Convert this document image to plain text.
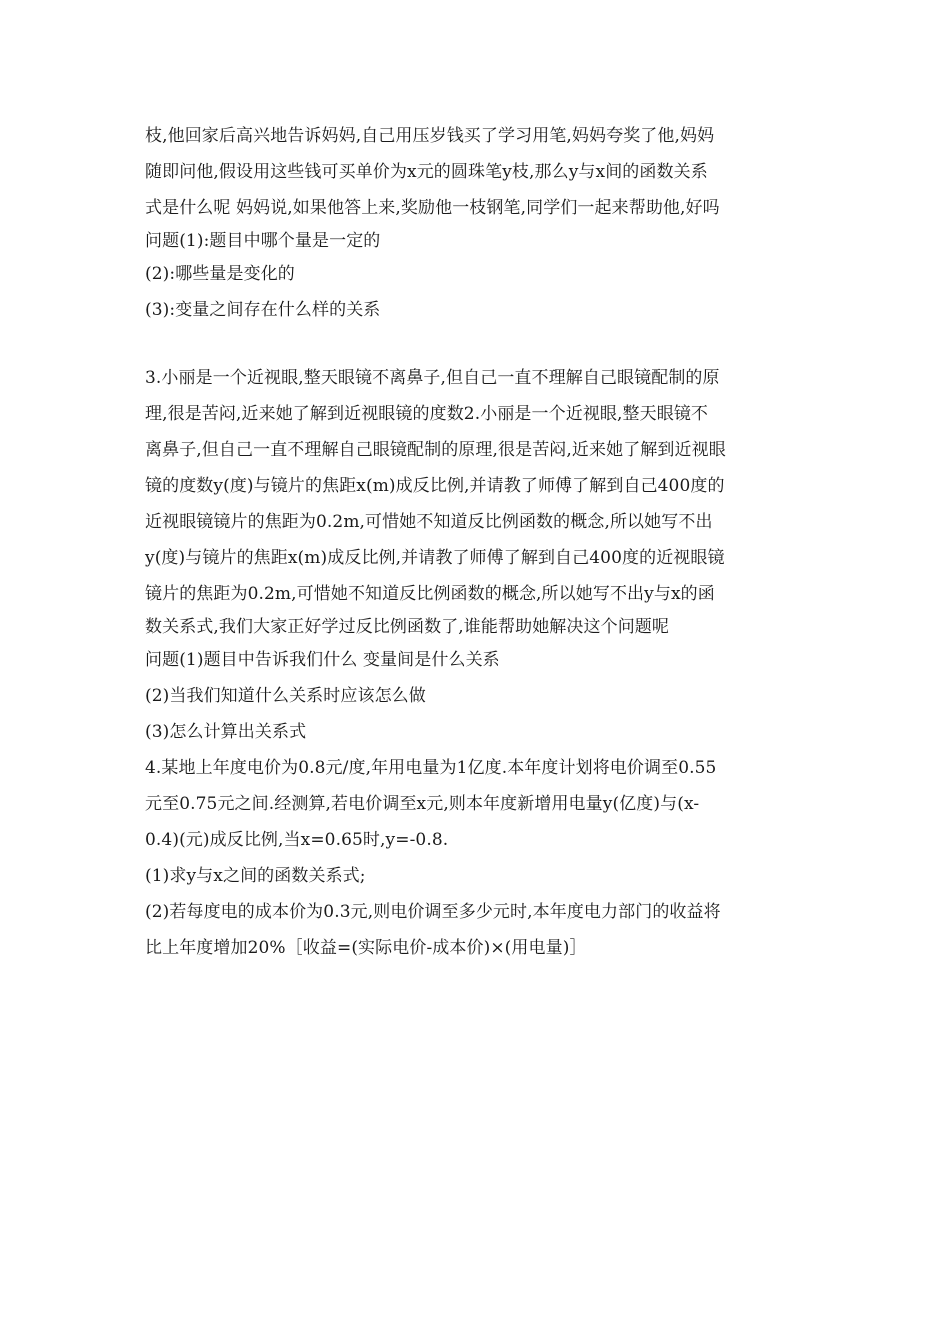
枝,他回家后高兴地告诉妈妈,自己用压岁钱买了学习用笔,妈妈夸奖了他,妈妈
随即问他,假设用这些钱可买单价为x元的圆珠笔y枝,那么y与x间的函数关系
式是什么呢 妈妈说,如果他答上来,奖励他一枝钢笔,同学们一起来帮助他,好吗
问题(1):题目中哪个量是一定的
(2):哪些量是变化的
(3):变量之间存在什么样的关系
3.小丽是一个近视眼,整天眼镜不离鼻子,但自己一直不理解自己眼镜配制的原
理,很是苦闷,近来她了解到近视眼镜的度数2.小丽是一个近视眼,整天眼镜不
离鼻子,但自己一直不理解自己眼镜配制的原理,很是苦闷,近来她了解到近视眼
镜的度数y(度)与镜片的焦距x(m)成反比例,并请教了师傅了解到自己400度的
近视眼镜镜片的焦距为0.2m,可惜她不知道反比例函数的概念,所以她写不出
y(度)与镜片的焦距x(m)成反比例,并请教了师傅了解到自己400度的近视眼镜
镜片的焦距为0.2m,可惜她不知道反比例函数的概念,所以她写不出y与x的函
数关系式,我们大家正好学过反比例函数了,谁能帮助她解决这个问题呢
问题(1)题目中告诉我们什么 变量间是什么关系
(2)当我们知道什么关系时应该怎么做
(3)怎么计算出关系式
4.某地上年度电价为0.8元/度,年用电量为1亿度.本年度计划将电价调至0.55
元至0.75元之间.经测算,若电价调至x元,则本年度新增用电量y(亿度)与(x-
0.4)(元)成反比例,当x=0.65时,y=-0.8.
(1)求y与x之间的函数关系式;
(2)若每度电的成本价为0.3元,则电价调至多少元时,本年度电力部门的收益将
比上年度增加20%［收益=(实际电价-成本价)×(用电量)］
